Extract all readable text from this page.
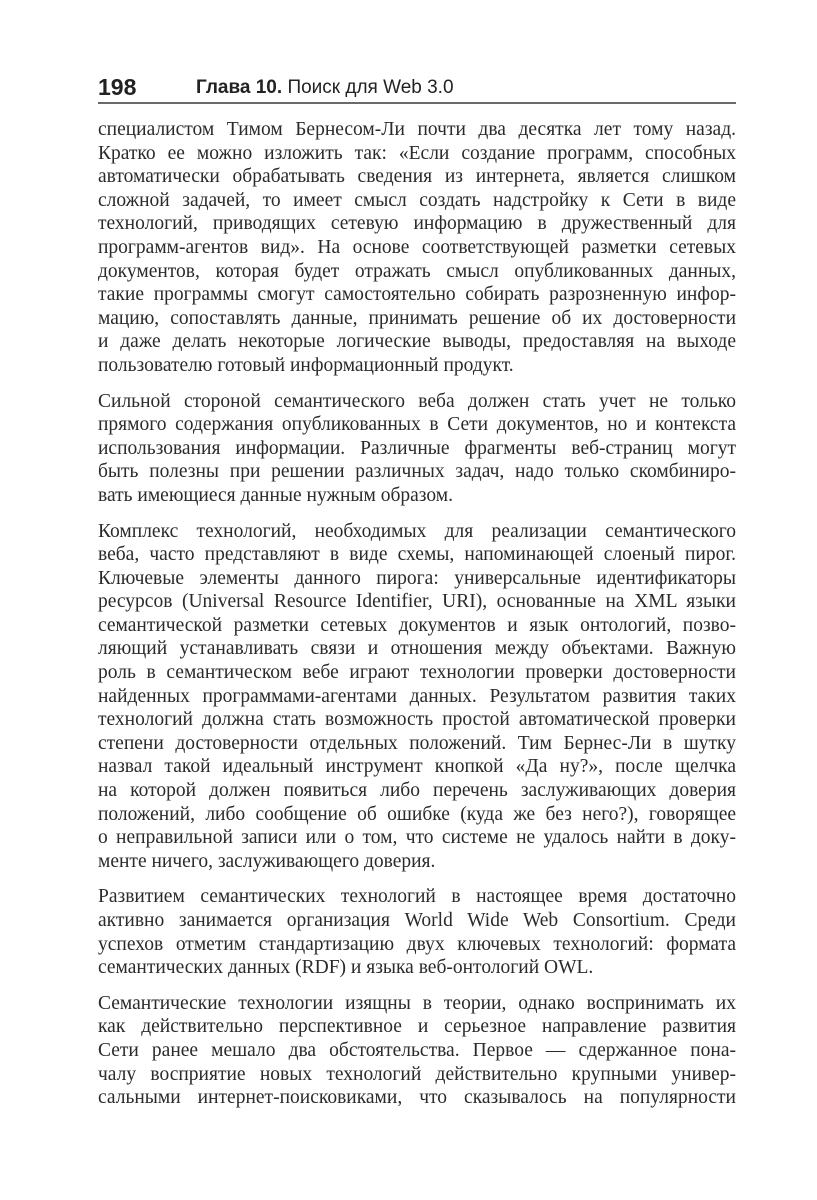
198	Глава 10. Поиск для Web 3.0
специалистом Тимом Бернесом-Ли почти два десятка лет тому назад.
Кратко ее можно изложить так: «Если создание программ, способных
автоматически обрабатывать сведения из интернета, является слишком
сложной задачей, то имеет смысл создать надстройку к Сети в виде
технологий, приводящих сетевую информацию в дружественный для
программ-агентов вид». На основе соответствующей разметки сетевых
документов, которая будет отражать смысл опубликованных данных,
такие программы смогут самостоятельно собирать разрозненную инфор-
мацию, сопоставлять данные, принимать решение об их достоверности
и даже делать некоторые логические выводы, предоставляя на выходе
пользователю готовый информационный продукт.
Сильной стороной семантического веба должен стать учет не только
прямого содержания опубликованных в Сети документов, но и контекста
использования информации. Различные фрагменты веб-страниц могут
быть полезны при решении различных задач, надо только скомбиниро-
вать имеющиеся данные нужным образом.
Комплекс технологий, необходимых для реализации семантического
веба, часто представляют в виде схемы, напоминающей слоеный пирог.
Ключевые элементы данного пирога: универсальные идентификаторы
ресурсов (Universal Resource Identifier, URI), основанные на XML языки
семантической разметки сетевых документов и язык онтологий, позво-
ляющий устанавливать связи и отношения между объектами. Важную
роль в семантическом вебе играют технологии проверки достоверности
найденных программами-агентами данных. Результатом развития таких
технологий должна стать возможность простой автоматической проверки
степени достоверности отдельных положений. Тим Бернес-Ли в шутку
назвал такой идеальный инструмент кнопкой «Да ну?», после щелчка
на которой должен появиться либо перечень заслуживающих доверия
положений, либо сообщение об ошибке (куда же без него?), говорящее
о неправильной записи или о том, что системе не удалось найти в доку-
менте ничего, заслуживающего доверия.
Развитием семантических технологий в настоящее время достаточно
активно занимается организация World Wide Web Consortium. Среди
успехов отметим стандартизацию двух ключевых технологий: формата
семантических данных (RDF) и языка веб-онтологий OWL.
Семантические технологии изящны в теории, однако воспринимать их
как действительно перспективное и серьезное направление развития
Сети ранее мешало два обстоятельства. Первое — сдержанное пона-
чалу восприятие новых технологий действительно крупными универ-
сальными интернет-поисковиками, что сказывалось на популярности
